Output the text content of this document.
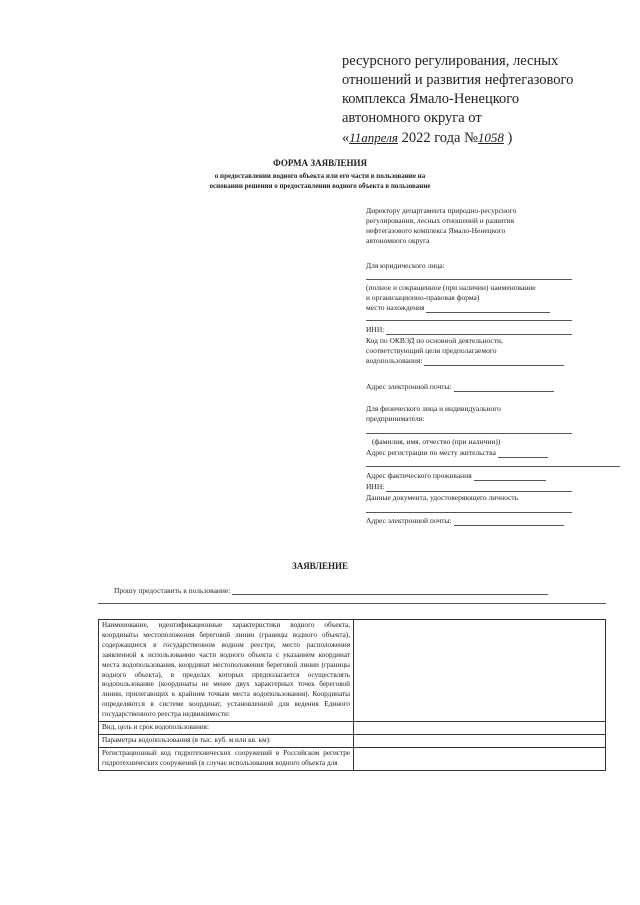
ресурсного регулирования, лесных
отношений и развития нефтегазового
комплекса Ямало-Ненецкого
автономного округа от
«11апреля 2022 года №1058 )
ФОРМА ЗАЯВЛЕНИЯ
о предоставлении водного объекта или его части в пользование на
основании решения о предоставлении водного объекта в пользование
Директору департамента природно-ресурсного
регулирования, лесных отношений и развития
нефтегазового комплекса Ямало-Ненецкого
автономного округа
Для юридического лица:
(полное и сокращенное (при наличии) наименование
и организационно-правовая форма)
место нахождения
ИНН:
Код по ОКВЭД по основной деятельности,
соответствующий цели предполагаемого
водопользования:
Адрес электронной почты:
Для физического лица и индивидуального
предпринимателя:
(фамилия, имя, отчество (при наличии))
Адрес регистрации по месту жительства
Адрес фактического проживания
ИНН:
Данные документа, удостоверяющего личность
Адрес электронной почты:
ЗАЯВЛЕНИЕ
Прошу предоставить в пользование:
Наименование, идентификационные характеристики водного объекта, координаты местоположения береговой линии (границы водного объекта), содержащиеся в государственном водном реестре, место расположения заявленной к использованию части водного объекта с указанием координат места водопользования, координат местоположения береговой линии (границы водного объекта), в пределах которых предполагается осуществлять водопользование (координаты не менее двух характерных точек береговой линии, прилегающих к крайним точкам места водопользования). Координаты определяются в системе координат, установленной для ведения Единого государственного реестра недвижимости:	
Вид, цель и срок водопользования:	
Параметры водопользования (в тыс. куб. м или кв. км):	
Регистрационный код гидротехнических сооружений в Российском регистре гидротехнических сооружений (в случае использования водного объекта для	
